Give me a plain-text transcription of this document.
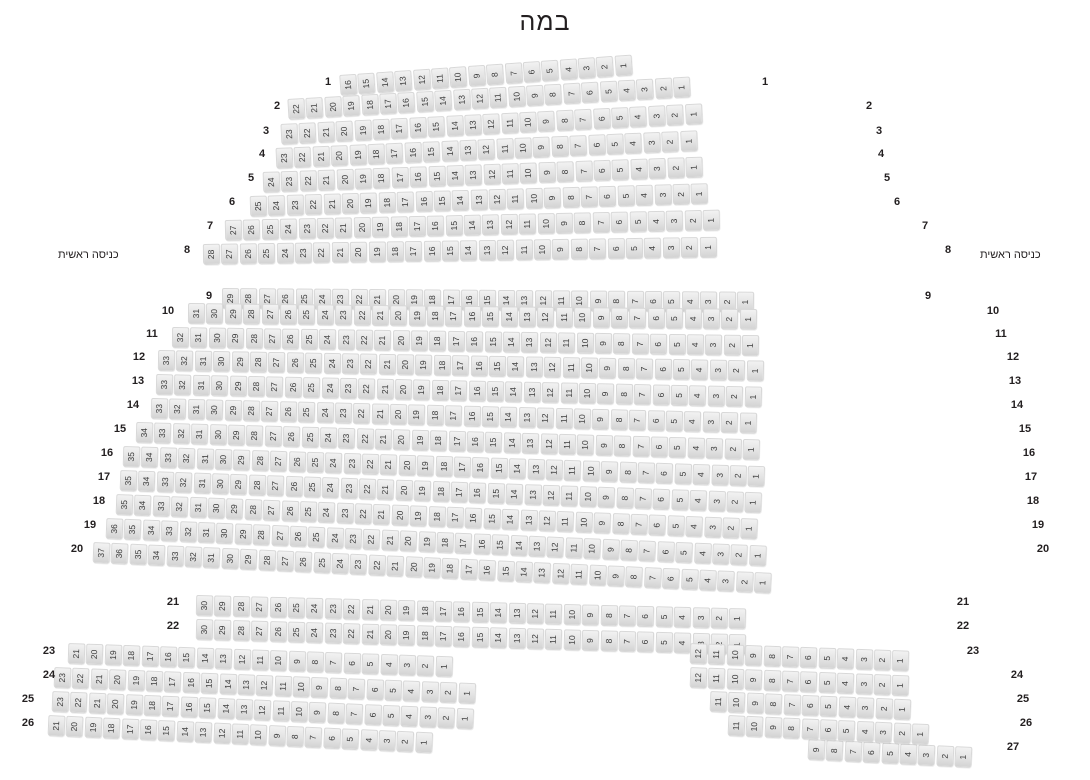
במה
כניסה ראשית	כניסה ראשית
16 15 14 13 12 11 10 9 8 7 6 5 4 3 2 1
1	1
22 21 20 19 18 17 16 15 14 13 12 11 10 9 8 7 6 5 4 3 2 1
2	2
23 22 21 20 19 18 17 16 15 14 13 12 11 10 9 8 7 6 5 4 3 2 1
3	3
23 22 21 20 19 18 17 16 15 14 13 12 11 10 9 8 7 6 5 4 3 2 1
4	4
24 23 22 21 20 19 18 17 16 15 14 13 12 11 10 9 8 7 6 5 4 3 2 1
5	5
25 24 23 22 21 20 19 18 17 16 15 14 13 12 11 10 9 8 7 6 5 4 3 2 1
6	6
27 26 25 24 23 22 21 20 19 18 17 16 15 14 13 12 11 10 9 8 7 6 5 4 3 2 1
7	7
28 27 26 25 24 23 22 21 20 19 18 17 16 15 14 13 12 11 10 9 8 7 6 5 4 3 2 1
8	8
29 28 27 26 25 24 23 22 21 20 19 18 17 16 15 14 13 12 11 10 9 8 7 6 5 4 3 2 1
9	9
31 30 29 28 27 26 25 24 23 22 21 20 19 18 17 16 15 14 13 12 11 10 9 8 7 6 5 4 3 2 1
10	10
32 31 30 29 28 27 26 25 24 23 22 21 20 19 18 17 16 15 14 13 12 11 10 9 8 7 6 5 4 3 2 1
11	11
33 32 31 30 29 28 27 26 25 24 23 22 21 20 19 18 17 16 15 14 13 12 11 10 9 8 7 6 5 4 3 2 1
12	12
33 32 31 30 29 28 27 26 25 24 23 22 21 20 19 18 17 16 15 14 13 12 11 10 9 8 7 6 5 4 3 2 1
13	13
33 32 31 30 29 28 27 26 25 24 23 22 21 20 19 18 17 16 15 14 13 12 11 10 9 8 7 6 5 4 3 2 1
14	14
34 33 32 31 30 29 28 27 26 25 24 23 22 21 20 19 18 17 16 15 14 13 12 11 10 9 8 7 6 5 4 3 2 1
15	15
35 34 33 32 31 30 29 28 27 26 25 24 23 22 21 20 19 18 17 16 15 14 13 12 11 10 9 8 7 6 5 4 3 2 1
16	16
35 34 33 32 31 30 29 28 27 26 25 24 23 22 21 20 19 18 17 16 15 14 13 12 11 10 9 8 7 6 5 4 3 2 1
17	17
35 34 33 32 31 30 29 28 27 26 25 24 23 22 21 20 19 18 17 16 15 14 13 12 11 10 9 8 7 6 5 4 3 2 1
18	18
36 35 34 33 32 31 30 29 28 27 26 25 24 23 22 21 20 19 18 17 16 15 14 13 12 11 10 9 8 7 6 5 4 3 2 1
19	19
37 36 35 34 33 32 31 30 29 28 27 26 25 24 23 22 21 20 19 18 17 16 15 14 13 12 11 10 9 8 7 6 5 4 3 2 1
20	20
30 29 28 27 26 25 24 23 22 21 20 19 18 17 16 15 14 13 12 11 10 9 8 7 6 5 4 3 2 1
21	21
30 29 28 27 26 25 24 23 22 21 20 19 18 17 16 15 14 13 12 11 10 9 8 7 6 5 4
22	22
21 20 19 18 17 16 15 14 13 12 11 10 9 8 7 6 5 4 3 2 1
23	23
23 22 21 20 19 18 17 16 15 14 13 12 11 10 9 8 7 6 5 4 3 2 1
24	24
23 22 21 20 19 18 17 16 15 14 13 12 11 10 9 8 7 6 5 4 3 2 1
25	25
21 20 19 18 17 16 15 14 13 12 11 10 9 8 7 6 5 4 3 2 1
26	26
9 8 7 6 5 4 3 2 1
27
12 11 10 9 8 7 6 5 4 3 2 1
12 11 10 9 8 7 6 5 4 3 2 1
11 10 9 8 7 6 5 4 3 2 1
11 10 9 8 7 6 5 4 3 2 1
